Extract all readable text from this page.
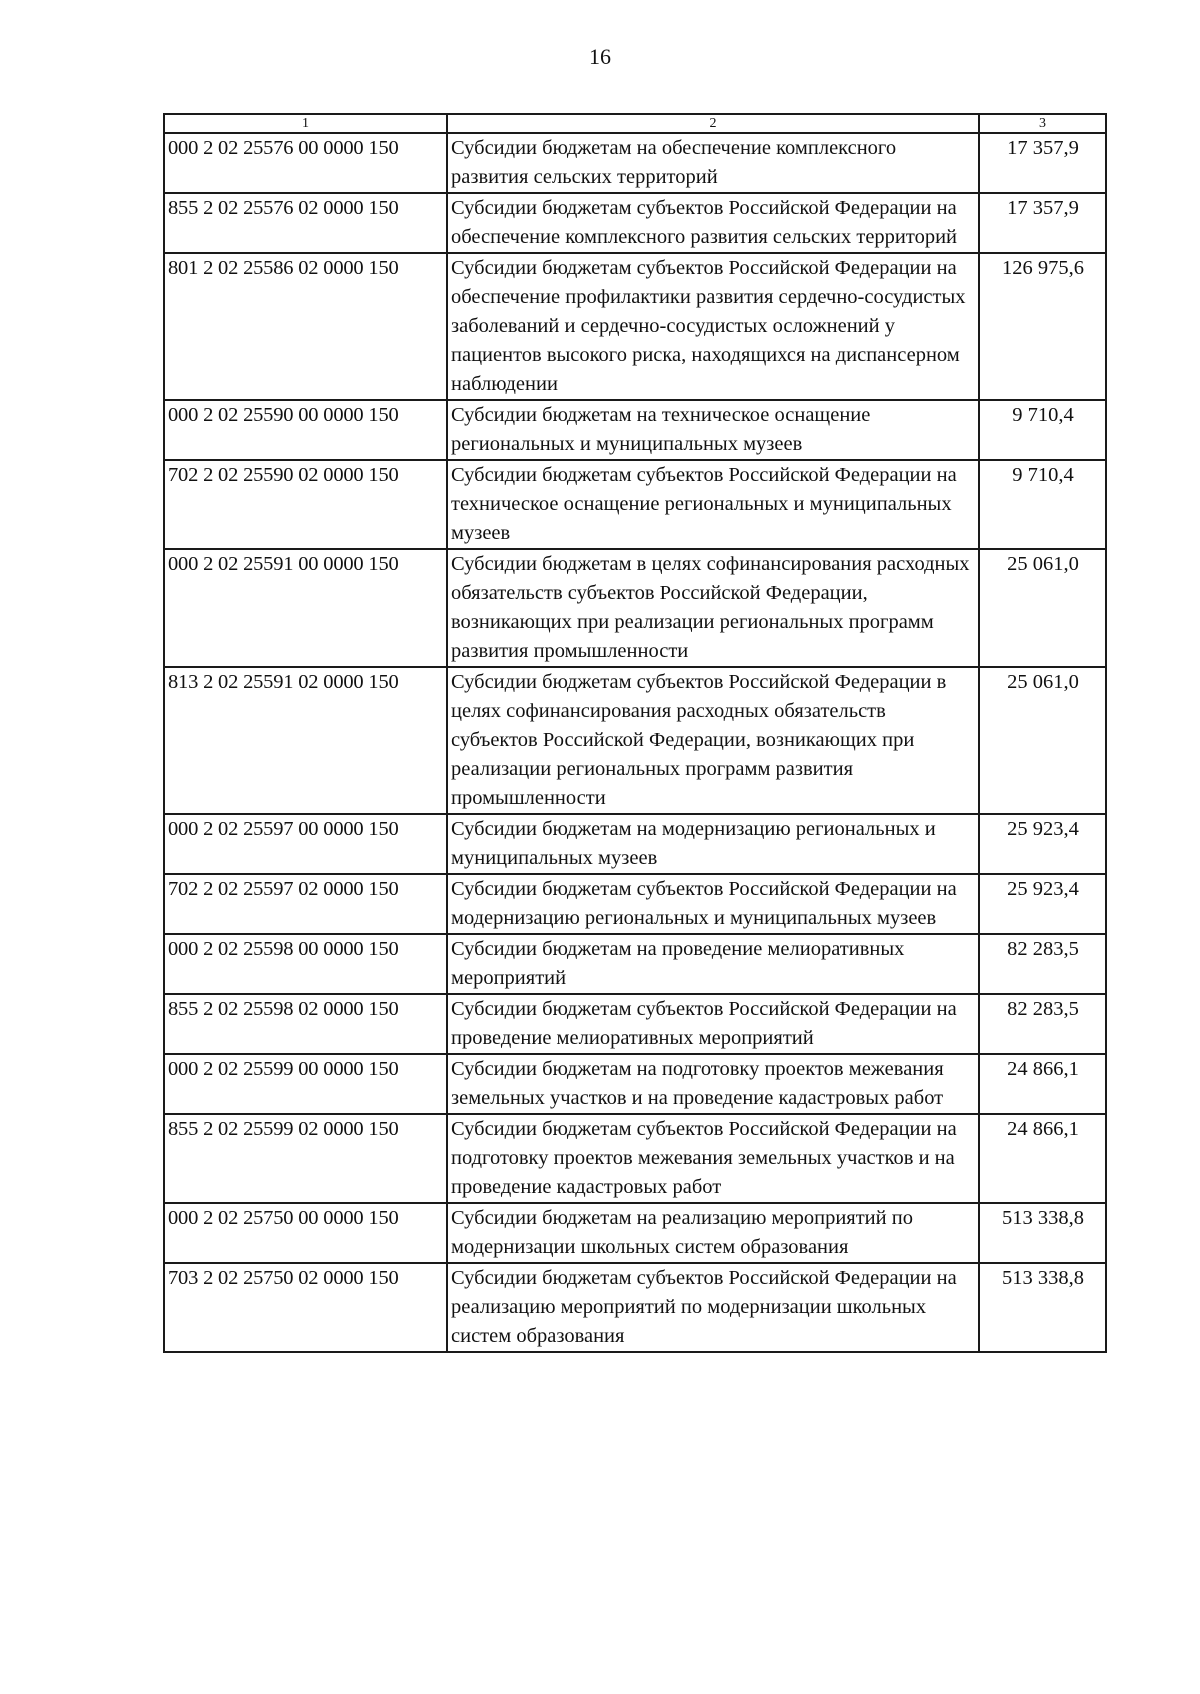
16
1	2	3
000 2 02 25576 00 0000 150	Субсидии бюджетам на обеспечение комплексного развития сельских территорий	17 357,9
855 2 02 25576 02 0000 150	Субсидии бюджетам субъектов Российской Федерации на обеспечение комплексного развития сельских территорий	17 357,9
801 2 02 25586 02 0000 150	Субсидии бюджетам субъектов Российской Федерации на обеспечение профилактики развития сердечно-сосудистых заболеваний и сердечно-сосудистых осложнений у пациентов высокого риска, находящихся на диспансерном наблюдении	126 975,6
000 2 02 25590 00 0000 150	Субсидии бюджетам на техническое оснащение региональных и муниципальных музеев	9 710,4
702 2 02 25590 02 0000 150	Субсидии бюджетам субъектов Российской Федерации на техническое оснащение региональных и муниципальных музеев	9 710,4
000 2 02 25591 00 0000 150	Субсидии бюджетам в целях софинансирования расходных обязательств субъектов Российской Федерации, возникающих при реализации региональных программ развития промышленности	25 061,0
813 2 02 25591 02 0000 150	Субсидии бюджетам субъектов Российской Федерации в целях софинансирования расходных обязательств субъектов Российской Федерации, возникающих при реализации региональных программ развития промышленности	25 061,0
000 2 02 25597 00 0000 150	Субсидии бюджетам на модернизацию региональных и муниципальных музеев	25 923,4
702 2 02 25597 02 0000 150	Субсидии бюджетам субъектов Российской Федерации на модернизацию региональных и муниципальных музеев	25 923,4
000 2 02 25598 00 0000 150	Субсидии бюджетам на проведение мелиоративных мероприятий	82 283,5
855 2 02 25598 02 0000 150	Субсидии бюджетам субъектов Российской Федерации на проведение мелиоративных мероприятий	82 283,5
000 2 02 25599 00 0000 150	Субсидии бюджетам на подготовку проектов межевания земельных участков и на проведение кадастровых работ	24 866,1
855 2 02 25599 02 0000 150	Субсидии бюджетам субъектов Российской Федерации на подготовку проектов межевания земельных участков и на проведение кадастровых работ	24 866,1
000 2 02 25750 00 0000 150	Субсидии бюджетам на реализацию мероприятий по модернизации школьных систем образования	513 338,8
703 2 02 25750 02 0000 150	Субсидии бюджетам субъектов Российской Федерации на реализацию мероприятий по модернизации школьных систем образования	513 338,8
